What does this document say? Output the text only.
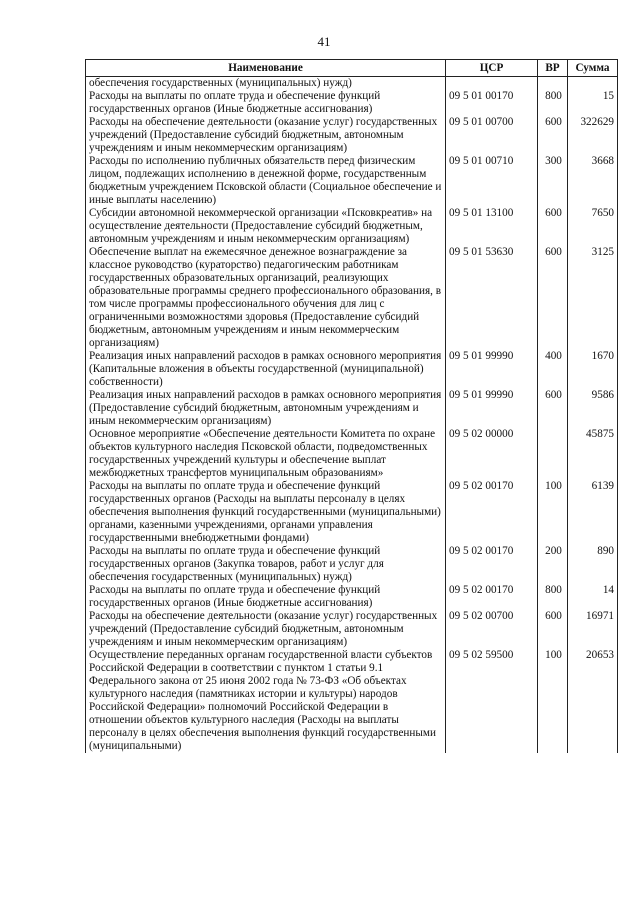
41
Наименование	ЦСР	ВР	Сумма
обеспечения государственных (муниципальных) нужд)			
Расходы на выплаты по оплате труда и обеспечение функций государственных органов (Иные бюджетные ассигнования)	09 5 01 00170	800	15
Расходы на обеспечение деятельности (оказание услуг) государственных учреждений (Предоставление субсидий бюджетным, автономным учреждениям и иным некоммерческим организациям)	09 5 01 00700	600	322629
Расходы по исполнению публичных обязательств перед физическим лицом, подлежащих исполнению в денежной форме, государственным бюджетным учреждением Псковской области (Социальное обеспечение и иные выплаты населению)	09 5 01 00710	300	3668
Субсидии автономной некоммерческой организации «Псковкреатив» на осуществление деятельности (Предоставление субсидий бюджетным, автономным учреждениям и иным некоммерческим организациям)	09 5 01 13100	600	7650
Обеспечение выплат на ежемесячное денежное вознаграждение за классное руководство (кураторство) педагогическим работникам государственных образовательных организаций, реализующих образовательные программы среднего профессионального образования, в том числе программы профессионального обучения для лиц с ограниченными возможностями здоровья (Предоставление субсидий бюджетным, автономным учреждениям и иным некоммерческим организациям)	09 5 01 53630	600	3125
Реализация иных направлений расходов в рамках основного мероприятия (Капитальные вложения в объекты государственной (муниципальной) собственности)	09 5 01 99990	400	1670
Реализация иных направлений расходов в рамках основного мероприятия (Предоставление субсидий бюджетным, автономным учреждениям и иным некоммерческим организациям)	09 5 01 99990	600	9586
Основное мероприятие «Обеспечение деятельности Комитета по охране объектов культурного наследия Псковской области, подведомственных государственных учреждений культуры и обеспечение выплат межбюджетных трансфертов муниципальным образованиям»	09 5 02 00000		45875
Расходы на выплаты по оплате труда и обеспечение функций государственных органов (Расходы на выплаты персоналу в целях обеспечения выполнения функций государственными (муниципальными) органами, казенными учреждениями, органами управления государственными внебюджетными фондами)	09 5 02 00170	100	6139
Расходы на выплаты по оплате труда и обеспечение функций государственных органов (Закупка товаров, работ и услуг для обеспечения государственных (муниципальных) нужд)	09 5 02 00170	200	890
Расходы на выплаты по оплате труда и обеспечение функций государственных органов (Иные бюджетные ассигнования)	09 5 02 00170	800	14
Расходы на обеспечение деятельности (оказание услуг) государственных учреждений (Предоставление субсидий бюджетным, автономным учреждениям и иным некоммерческим организациям)	09 5 02 00700	600	16971
Осуществление переданных органам государственной власти субъектов Российской Федерации в соответствии с пунктом 1 статьи 9.1 Федерального закона от 25 июня 2002 года № 73-ФЗ «Об объектах культурного наследия (памятниках истории и культуры) народов Российской Федерации» полномочий Российской Федерации в отношении объектов культурного наследия (Расходы на выплаты персоналу в целях обеспечения выполнения функций государственными (муниципальными)	09 5 02 59500	100	20653
